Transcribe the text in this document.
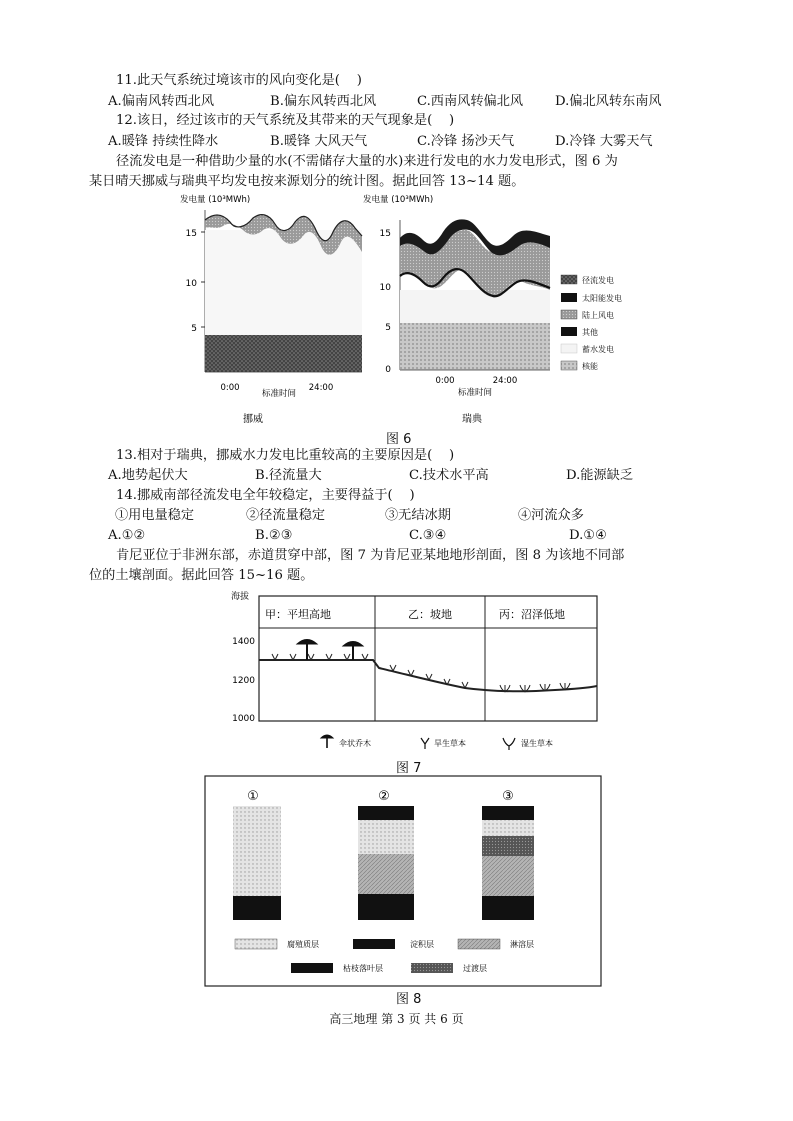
11.此天气系统过境该市的风向变化是(    )
A.偏南风转西北风	B.偏东风转西北风	C.西南风转偏北风 D.偏北风转东南风
12.该日，经过该市的天气系统及其带来的天气现象是(    )
A.暖锋 持续性降水	B.暖锋 大风天气	C.冷锋 扬沙天气	D.冷锋 大雾天气
径流发电是一种借助少量的水(不需储存大量的水)来进行发电的水力发电形式，图 6 为
某日晴天挪威与瑞典平均发电按来源划分的统计图。据此回答 13~14 题。
发电量 (10³MWh)
15
10
5
0:00	24:00
标准时间
挪威
发电量 (10³MWh)
15
10
5
0
0:00	24:00
标准时间
瑞典
径流发电
太阳能发电
陆上风电
其他
蓄水发电
核能
图 6
13.相对于瑞典，挪威水力发电比重较高的主要原因是(    )
A.地势起伏大	B.径流量大	C.技术水平高	D.能源缺乏
14.挪威南部径流发电全年较稳定，主要得益于(    )
①用电量稳定	②径流量稳定	③无结冰期	④河流众多
A.①②	B.②③	C.③④	D.①④
肯尼亚位于非洲东部，赤道贯穿中部，图 7 为肯尼亚某地地形剖面，图 8 为该地不同部
位的土壤剖面。据此回答 15~16 题。
海拔
1400
1200
1000
甲：平坦高地	乙：坡地	丙：沼泽低地
伞状乔木	旱生草本	湿生草本
图 7
①	②	③
腐殖质层	淀积层	淋溶层
枯枝落叶层	过渡层
图 8
高三地理 第 3 页 共 6 页
